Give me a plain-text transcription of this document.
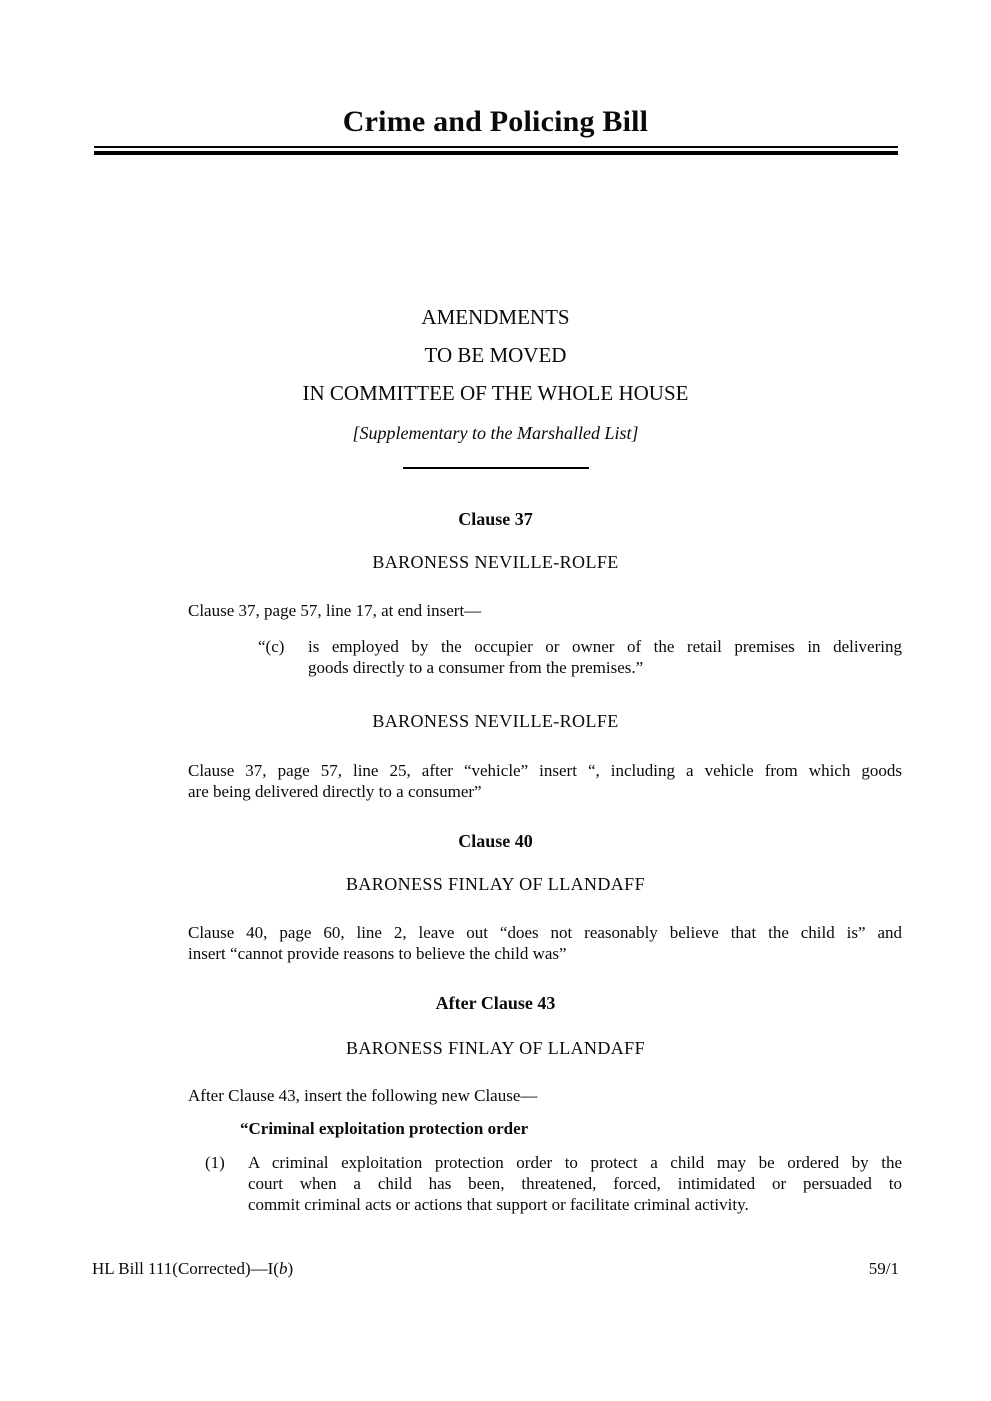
Crime and Policing Bill
AMENDMENTS
TO BE MOVED
IN COMMITTEE OF THE WHOLE HOUSE
[Supplementary to the Marshalled List]
Clause 37
BARONESS NEVILLE-ROLFE
Clause 37, page 57, line 17, at end insert—
“(c)	is employed by the occupier or owner of the retail premises in delivering
goods directly to a consumer from the premises.”
BARONESS NEVILLE-ROLFE
Clause 37, page 57, line 25, after “vehicle” insert “, including a vehicle from which goods
are being delivered directly to a consumer”
Clause 40
BARONESS FINLAY OF LLANDAFF
Clause 40, page 60, line 2, leave out “does not reasonably believe that the child is” and
insert “cannot provide reasons to believe the child was”
After Clause 43
BARONESS FINLAY OF LLANDAFF
After Clause 43, insert the following new Clause—
“Criminal exploitation protection order
(1)	A criminal exploitation protection order to protect a child may be ordered by the
court when a child has been, threatened, forced, intimidated or persuaded to
commit criminal acts or actions that support or facilitate criminal activity.
HL Bill 111(Corrected)—I(b)	59/1
